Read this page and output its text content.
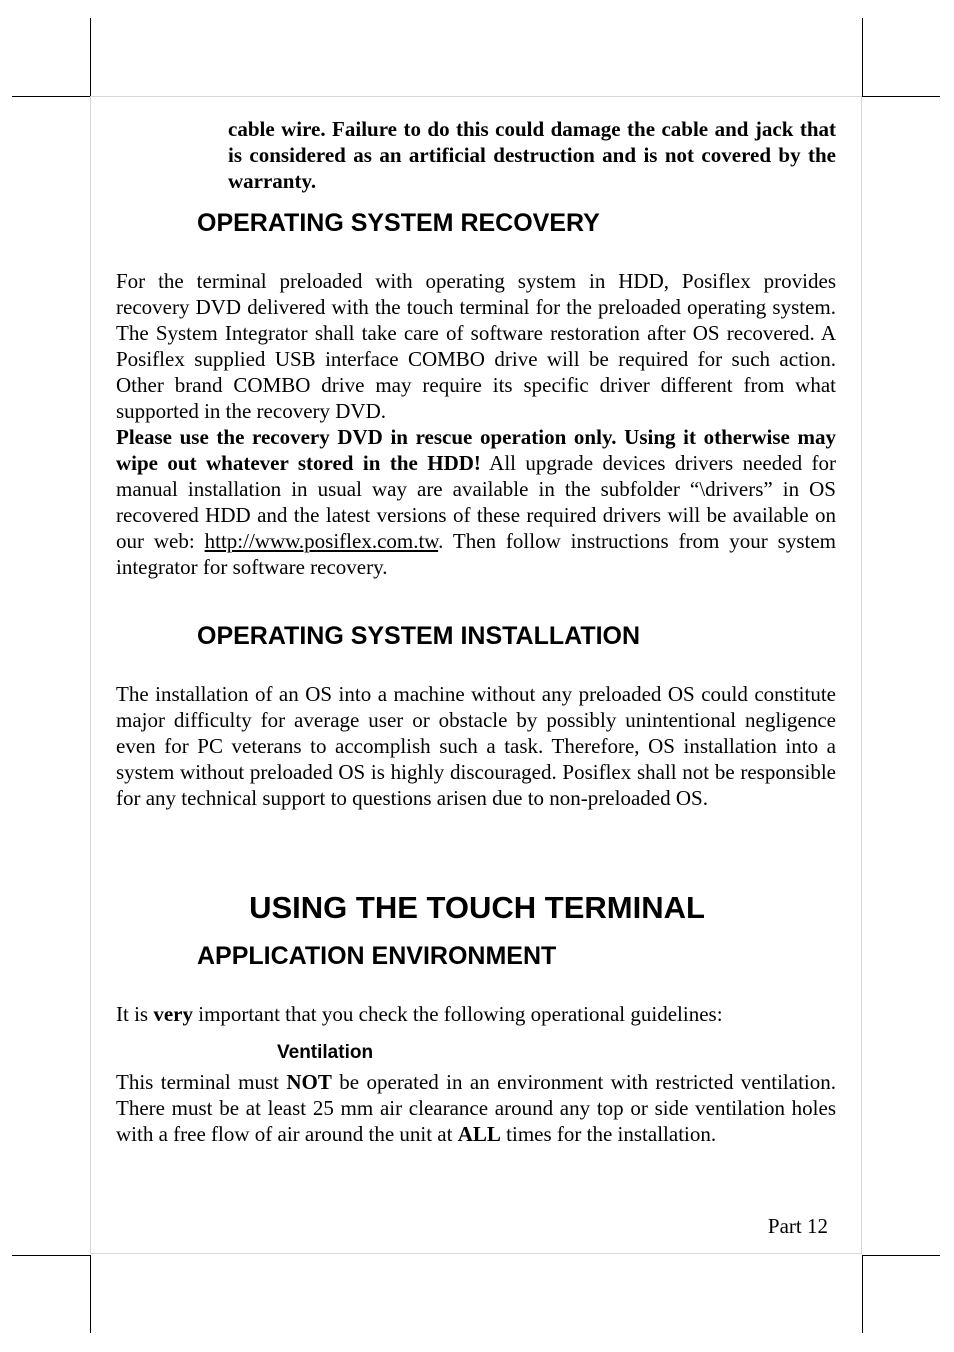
cable wire. Failure to do this could damage the cable and jack that is considered as an artificial destruction and is not covered by the warranty.
OPERATING SYSTEM RECOVERY

For the terminal preloaded with operating system in HDD, Posiflex provides recovery DVD delivered with the touch terminal for the preloaded operating system. The System Integrator shall take care of software restoration after OS recovered. A Posiflex supplied USB interface COMBO drive will be required for such action. Other brand COMBO drive may require its specific driver different from what supported in the recovery DVD.

Please use the recovery DVD in rescue operation only. Using it otherwise may wipe out whatever stored in the HDD! All upgrade devices drivers needed for manual installation in usual way are available in the subfolder “\drivers” in OS recovered HDD and the latest versions of these required drivers will be available on our web: http://www.posiflex.com.tw. Then follow instructions from your system integrator for software recovery.

OPERATING SYSTEM INSTALLATION

The installation of an OS into a machine without any preloaded OS could constitute major difficulty for average user or obstacle by possibly unintentional negligence even for PC veterans to accomplish such a task. Therefore, OS installation into a system without preloaded OS is highly discouraged. Posiflex shall not be responsible for any technical support to questions arisen due to non-preloaded OS.

USING THE TOUCH TERMINAL
APPLICATION ENVIRONMENT

It is very important that you check the following operational guidelines:

Ventilation

This terminal must NOT be operated in an environment with restricted ventilation. There must be at least 25 mm air clearance around any top or side ventilation holes with a free flow of air around the unit at ALL times for the installation.

Part 12
